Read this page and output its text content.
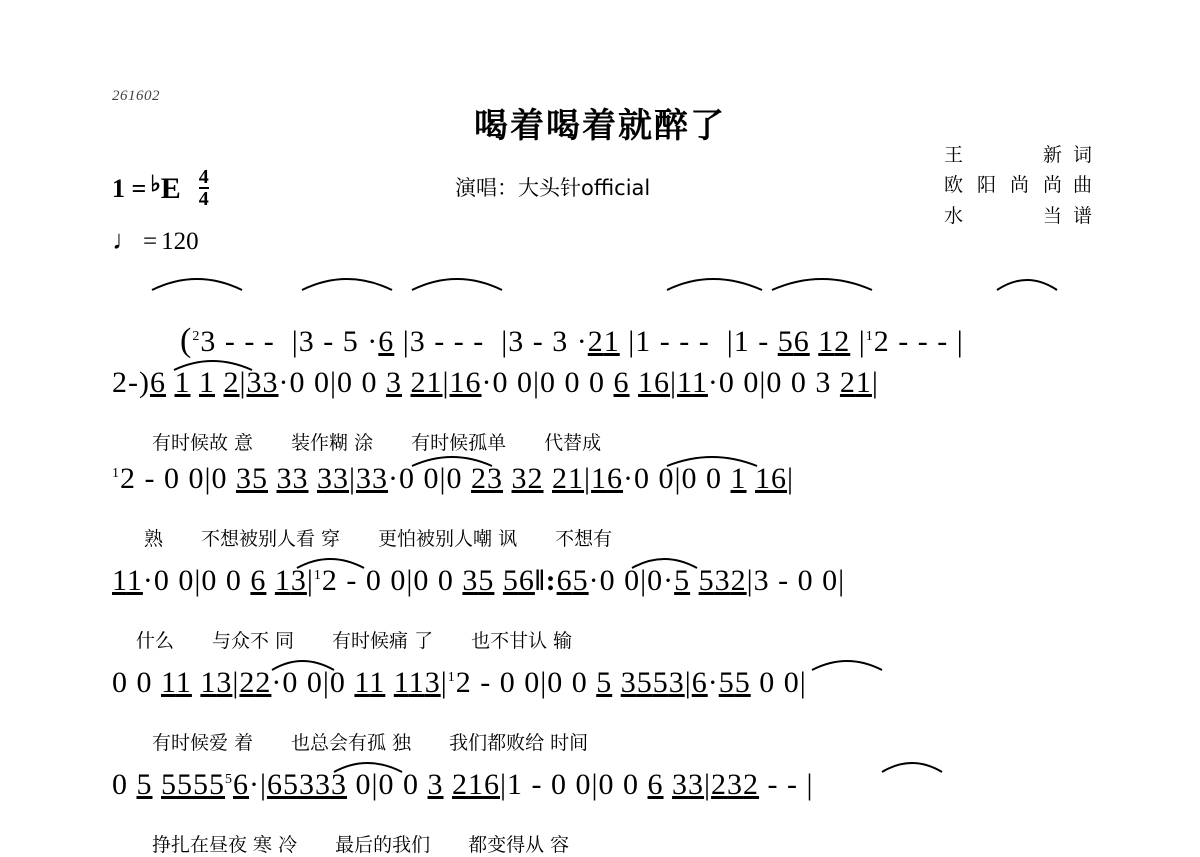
261602
喝着喝着就醉了
1 = ♭ E $\frac{4}{4}$
♩ = 120
演唱：大头针official
王 新 词
欧阳尚尚 曲
水 当 谱

($^2$3 - - -  |3 - 5 ·6 |3 - - -  |3 - 3 ·21 |1 - - -  |1 - 56 12 $|^12$ - - - |

2-)6 1 1 2|33·0 0|0 0 3 21|16·0 0|0 0 0 6 16|11·0 0|0 0 3 21|
有时候故 意　　装作糊 涂　　有时候孤单　　代替成
$^1$2 - 0 0|0 35 33 33|33·0 0|0 23 32 21|16·0 0|0 0 1 16|
熟　　不想被别人看 穿　　更怕被别人嘲 讽　　不想有
11·0 0|0 0 6 $13|^12 - 0$ 0|0 0 35 56‖:65·0 0|0·5 532|3 - 0 0|
什么　　与众不 同　　有时候痛 了　　也不甘认 输
0 0 11 13|22·0 0|0 11 $113|^12 - 0$ 0|0 0 5 3553|6·55 0 0|
有时候爱 着　　也总会有孤 独　　我们都败给 时间
0 5 $5555^56\cdot|65333$ 0|0 0 3 216|1 - 0 0|0 0 6 33|232 - - |
挣扎在昼夜 寒 冷　　最后的我们　　都变得从 容
